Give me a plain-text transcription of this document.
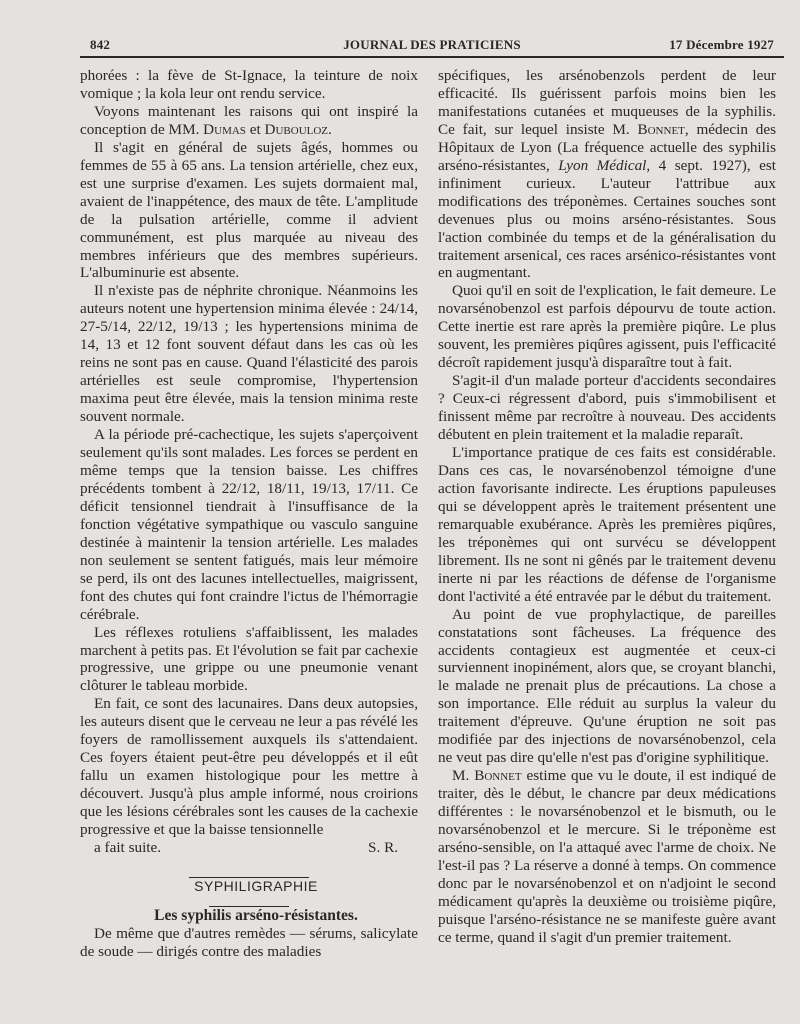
842	JOURNAL DES PRATICIENS	17 Décembre 1927

phorées : la fève de St-Ignace, la teinture de noix vomique ; la kola leur ont rendu service.

Voyons maintenant les raisons qui ont inspiré la conception de MM. Dumas et Dubouloz.

Il s'agit en général de sujets âgés, hommes ou femmes de 55 à 65 ans. La tension artérielle, chez eux, est une surprise d'examen. Les sujets dormaient mal, avaient de l'inappétence, des maux de tête. L'amplitude de la pulsation artérielle, comme il advient communément, est plus marquée au niveau des membres inférieurs que des membres supérieurs. L'albuminurie est absente.

Il n'existe pas de néphrite chronique. Néanmoins les auteurs notent une hypertension minima élevée : 24/14, 27-5/14, 22/12, 19/13 ; les hypertensions minima de 14, 13 et 12 font souvent défaut dans les cas où les reins ne sont pas en cause. Quand l'élasticité des parois artérielles est seule compromise, l'hypertension maxima peut être élevée, mais la tension minima reste souvent normale.

A la période pré-cachectique, les sujets s'aperçoivent seulement qu'ils sont malades. Les forces se perdent en même temps que la tension baisse. Les chiffres précédents tombent à 22/12, 18/11, 19/13, 17/11. Ce déficit tensionnel tiendrait à l'insuffisance de la fonction végétative sympathique ou vasculo sanguine destinée à maintenir la tension artérielle. Les malades non seulement se sentent fatigués, mais leur mémoire se perd, ils ont des lacunes intellectuelles, maigrissent, font des chutes qui font craindre l'ictus de l'hémorragie cérébrale.

Les réflexes rotuliens s'affaiblissent, les malades marchent à petits pas. Et l'évolution se fait par cachexie progressive, une grippe ou une pneumonie venant clôturer le tableau morbide.

En fait, ce sont des lacunaires. Dans deux autopsies, les auteurs disent que le cerveau ne leur a pas révélé les foyers de ramollissement auxquels ils s'attendaient. Ces foyers étaient peut-être peu développés et il eût fallu un examen histologique pour les mettre à découvert. Jusqu'à plus ample informé, nous croirions que les lésions cérébrales sont les causes de la cachexie progressive et que la baisse tensionnelle

a fait suite.	S. R.

SYPHILIGRAPHIE

Les syphilis arséno-résistantes.

De même que d'autres remèdes — sérums, salicylate de soude — dirigés contre des maladies

spécifiques, les arsénobenzols perdent de leur efficacité. Ils guérissent parfois moins bien les manifestations cutanées et muqueuses de la syphilis. Ce fait, sur lequel insiste M. Bonnet, médecin des Hôpitaux de Lyon (La fréquence actuelle des syphilis arséno-résistantes, Lyon Médical, 4 sept. 1927), est infiniment curieux. L'auteur l'attribue aux modifications des tréponèmes. Certaines souches sont devenues plus ou moins arséno-résistantes. Sous l'action combinée du temps et de la généralisation du traitement arsenical, ces races arsénico-résistantes vont en augmentant.

Quoi qu'il en soit de l'explication, le fait demeure. Le novarsénobenzol est parfois dépourvu de toute action. Cette inertie est rare après la première piqûre. Le plus souvent, les premières piqûres agissent, puis l'efficacité décroît rapidement jusqu'à disparaître tout à fait.

S'agit-il d'un malade porteur d'accidents secondaires ? Ceux-ci régressent d'abord, puis s'immobilisent et finissent même par recroître à nouveau. Des accidents débutent en plein traitement et la maladie reparaît.

L'importance pratique de ces faits est considérable. Dans ces cas, le novarsénobenzol témoigne d'une action favorisante indirecte. Les éruptions papuleuses qui se développent après le traitement présentent une remarquable exubérance. Après les premières piqûres, les tréponèmes qui ont survécu se développent librement. Ils ne sont ni gênés par le traitement devenu inerte ni par les réactions de défense de l'organisme dont l'activité a été entravée par le début du traitement.

Au point de vue prophylactique, de pareilles constatations sont fâcheuses. La fréquence des accidents contagieux est augmentée et ceux-ci surviennent inopinément, alors que, se croyant blanchi, le malade ne prenait plus de précautions. La chose a son importance. Elle réduit au surplus la valeur du traitement d'épreuve. Qu'une éruption ne soit pas modifiée par des injections de novarsénobenzol, cela ne veut pas dire qu'elle n'est pas d'origine syphilitique.

M. Bonnet estime que vu le doute, il est indiqué de traiter, dès le début, le chancre par deux médications différentes : le novarsénobenzol et le bismuth, ou le novarsénobenzol et le mercure. Si le tréponème est arséno-sensible, on l'a attaqué avec l'arme de choix. Ne l'est-il pas ? La réserve a donné à temps. On commence donc par le novarsénobenzol et on n'adjoint le second médicament qu'après la deuxième ou troisième piqûre, puisque l'arséno-résistance ne se manifeste guère avant ce terme, quand il s'agit d'un premier traitement.
